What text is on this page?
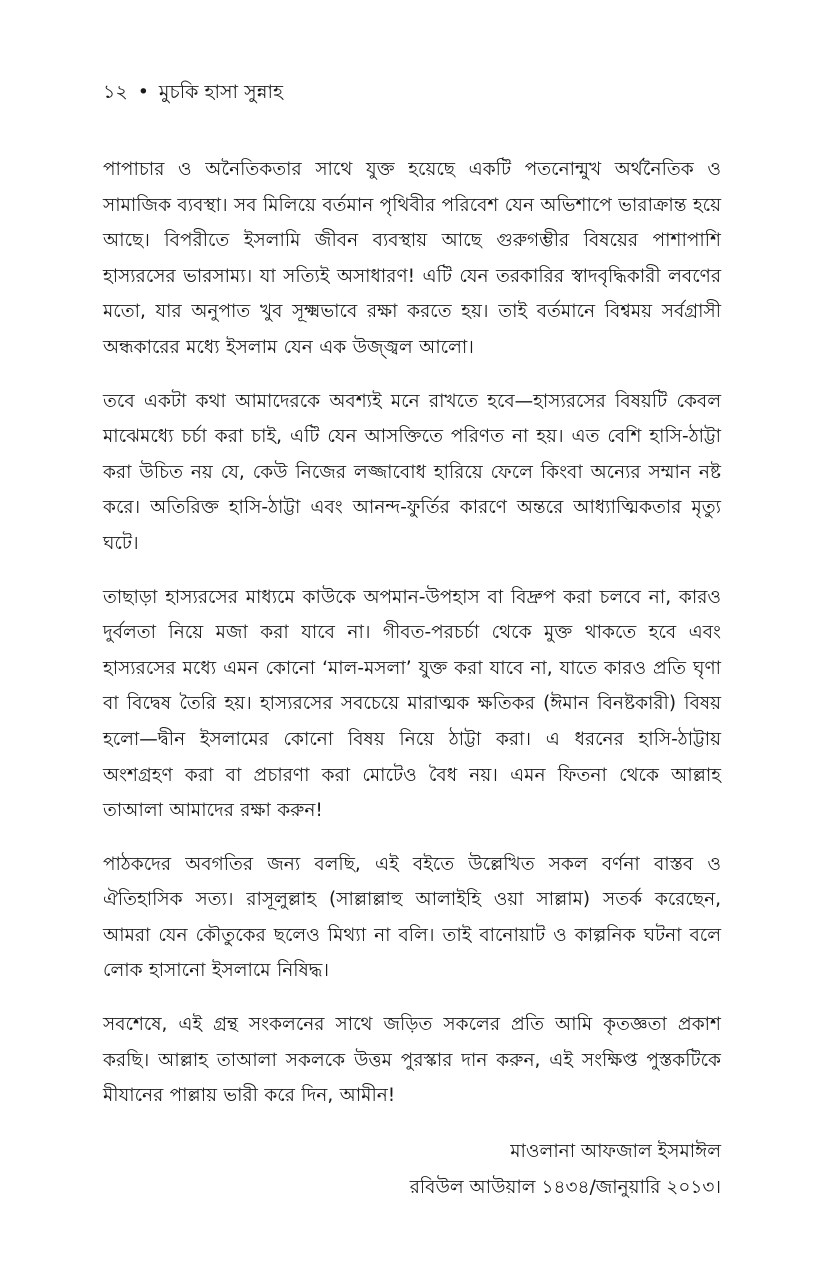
১২ • মুচকি হাসা সুন্নাহ

পাপাচার ও অনৈতিকতার সাথে যুক্ত হয়েছে একটি পতনোন্মুখ অর্থনৈতিক ও সামাজিক ব্যবস্থা। সব মিলিয়ে বর্তমান পৃথিবীর পরিবেশ যেন অভিশাপে ভারাক্রান্ত হয়ে আছে। বিপরীতে ইসলামি জীবন ব্যবস্থায় আছে গুরুগম্ভীর বিষয়ের পাশাপাশি হাস্যরসের ভারসাম্য। যা সত্যিই অসাধারণ! এটি যেন তরকারির স্বাদবৃদ্ধিকারী লবণের মতো, যার অনুপাত খুব সূক্ষ্মভাবে রক্ষা করতে হয়। তাই বর্তমানে বিশ্বময় সর্বগ্রাসী অন্ধকারের মধ্যে ইসলাম যেন এক উজ্জ্বল আলো।

তবে একটা কথা আমাদেরকে অবশ্যই মনে রাখতে হবে—হাস্যরসের বিষয়টি কেবল মাঝেমধ্যে চর্চা করা চাই, এটি যেন আসক্তিতে পরিণত না হয়। এত বেশি হাসি-ঠাট্টা করা উচিত নয় যে, কেউ নিজের লজ্জাবোধ হারিয়ে ফেলে কিংবা অন্যের সম্মান নষ্ট করে। অতিরিক্ত হাসি-ঠাট্টা এবং আনন্দ-ফুর্তির কারণে অন্তরে আধ্যাত্মিকতার মৃত্যু ঘটে।

তাছাড়া হাস্যরসের মাধ্যমে কাউকে অপমান-উপহাস বা বিদ্রুপ করা চলবে না, কারও দুর্বলতা নিয়ে মজা করা যাবে না। গীবত-পরচর্চা থেকে মুক্ত থাকতে হবে এবং হাস্যরসের মধ্যে এমন কোনো ‘মাল-মসলা’ যুক্ত করা যাবে না, যাতে কারও প্রতি ঘৃণা বা বিদ্বেষ তৈরি হয়। হাস্যরসের সবচেয়ে মারাত্মক ক্ষতিকর (ঈমান বিনষ্টকারী) বিষয় হলো—দ্বীন ইসলামের কোনো বিষয় নিয়ে ঠাট্টা করা। এ ধরনের হাসি-ঠাট্টায় অংশগ্রহণ করা বা প্রচারণা করা মোটেও বৈধ নয়। এমন ফিতনা থেকে আল্লাহ তাআলা আমাদের রক্ষা করুন!

পাঠকদের অবগতির জন্য বলছি, এই বইতে উল্লেখিত সকল বর্ণনা বাস্তব ও ঐতিহাসিক সত্য। রাসূলুল্লাহ (সাল্লাল্লাহু আলাইহি ওয়া সাল্লাম) সতর্ক করেছেন, আমরা যেন কৌতুকের ছলেও মিথ্যা না বলি। তাই বানোয়াট ও কাল্পনিক ঘটনা বলে লোক হাসানো ইসলামে নিষিদ্ধ।

সবশেষে, এই গ্রন্থ সংকলনের সাথে জড়িত সকলের প্রতি আমি কৃতজ্ঞতা প্রকাশ করছি। আল্লাহ তাআলা সকলকে উত্তম পুরস্কার দান করুন, এই সংক্ষিপ্ত পুস্তকটিকে মীযানের পাল্লায় ভারী করে দিন, আমীন!

মাওলানা আফজাল ইসমাঈল
রবিউল আউয়াল ১৪৩৪/জানুয়ারি ২০১৩।
